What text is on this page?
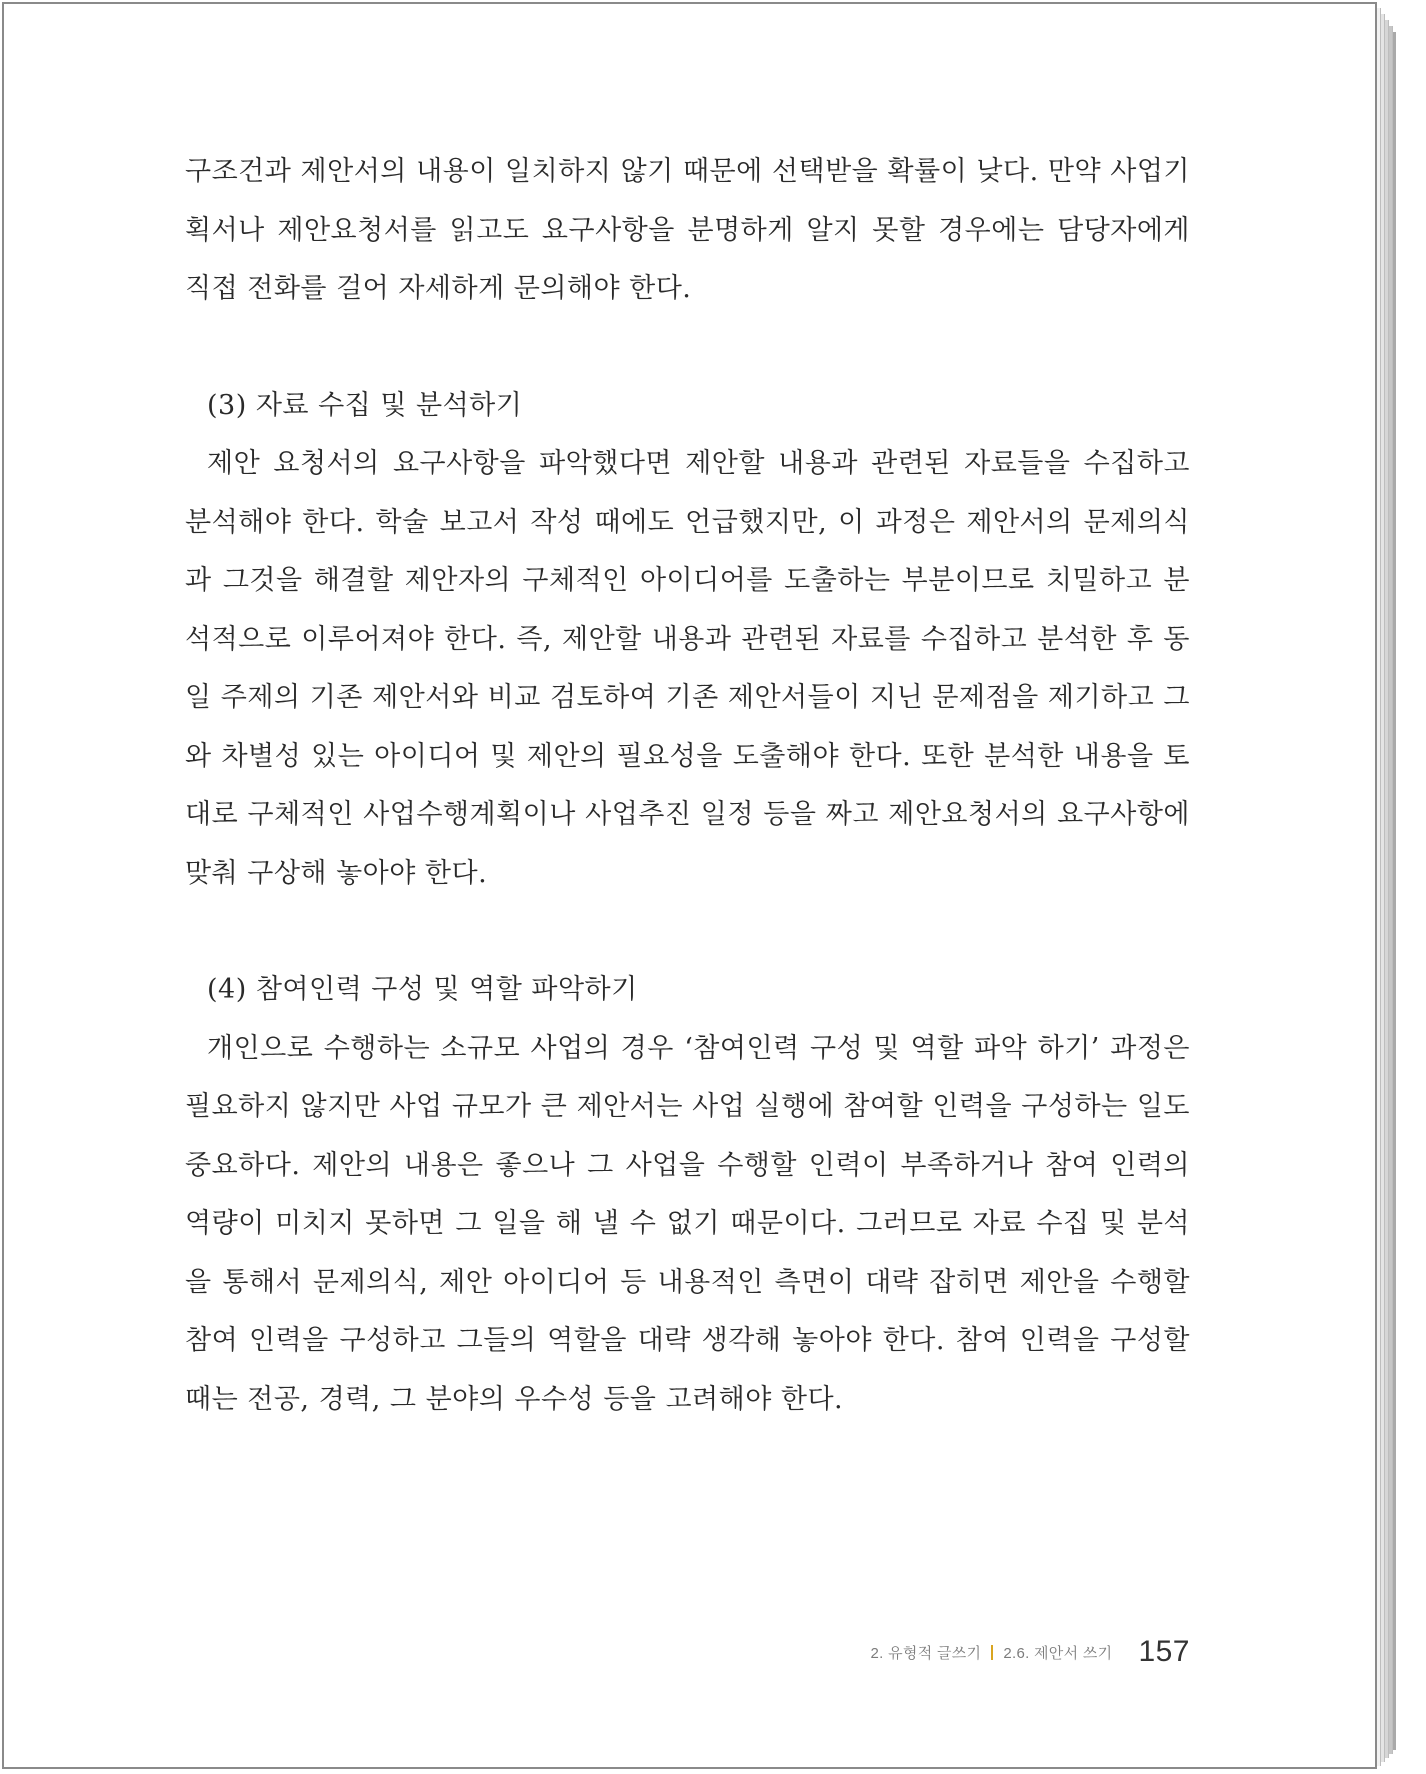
구조건과 제안서의 내용이 일치하지 않기 때문에 선택받을 확률이 낮다. 만약 사업기획서나 제안요청서를 읽고도 요구사항을 분명하게 알지 못할 경우에는 담당자에게 직접 전화를 걸어 자세하게 문의해야 한다.

(3) 자료 수집 및 분석하기

제안 요청서의 요구사항을 파악했다면 제안할 내용과 관련된 자료들을 수집하고 분석해야 한다. 학술 보고서 작성 때에도 언급했지만, 이 과정은 제안서의 문제의식과 그것을 해결할 제안자의 구체적인 아이디어를 도출하는 부분이므로 치밀하고 분석적으로 이루어져야 한다. 즉, 제안할 내용과 관련된 자료를 수집하고 분석한 후 동일 주제의 기존 제안서와 비교 검토하여 기존 제안서들이 지닌 문제점을 제기하고 그와 차별성 있는 아이디어 및 제안의 필요성을 도출해야 한다. 또한 분석한 내용을 토대로 구체적인 사업수행계획이나 사업추진 일정 등을 짜고 제안요청서의 요구사항에 맞춰 구상해 놓아야 한다.

(4) 참여인력 구성 및 역할 파악하기

개인으로 수행하는 소규모 사업의 경우 ‘참여인력 구성 및 역할 파악 하기’ 과정은 필요하지 않지만 사업 규모가 큰 제안서는 사업 실행에 참여할 인력을 구성하는 일도 중요하다. 제안의 내용은 좋으나 그 사업을 수행할 인력이 부족하거나 참여 인력의 역량이 미치지 못하면 그 일을 해 낼 수 없기 때문이다. 그러므로 자료 수집 및 분석을 통해서 문제의식, 제안 아이디어 등 내용적인 측면이 대략 잡히면 제안을 수행할 참여 인력을 구성하고 그들의 역할을 대략 생각해 놓아야 한다. 참여 인력을 구성할 때는 전공, 경력, 그 분야의 우수성 등을 고려해야 한다.

2. 유형적 글쓰기 2.6. 제안서 쓰기 157
